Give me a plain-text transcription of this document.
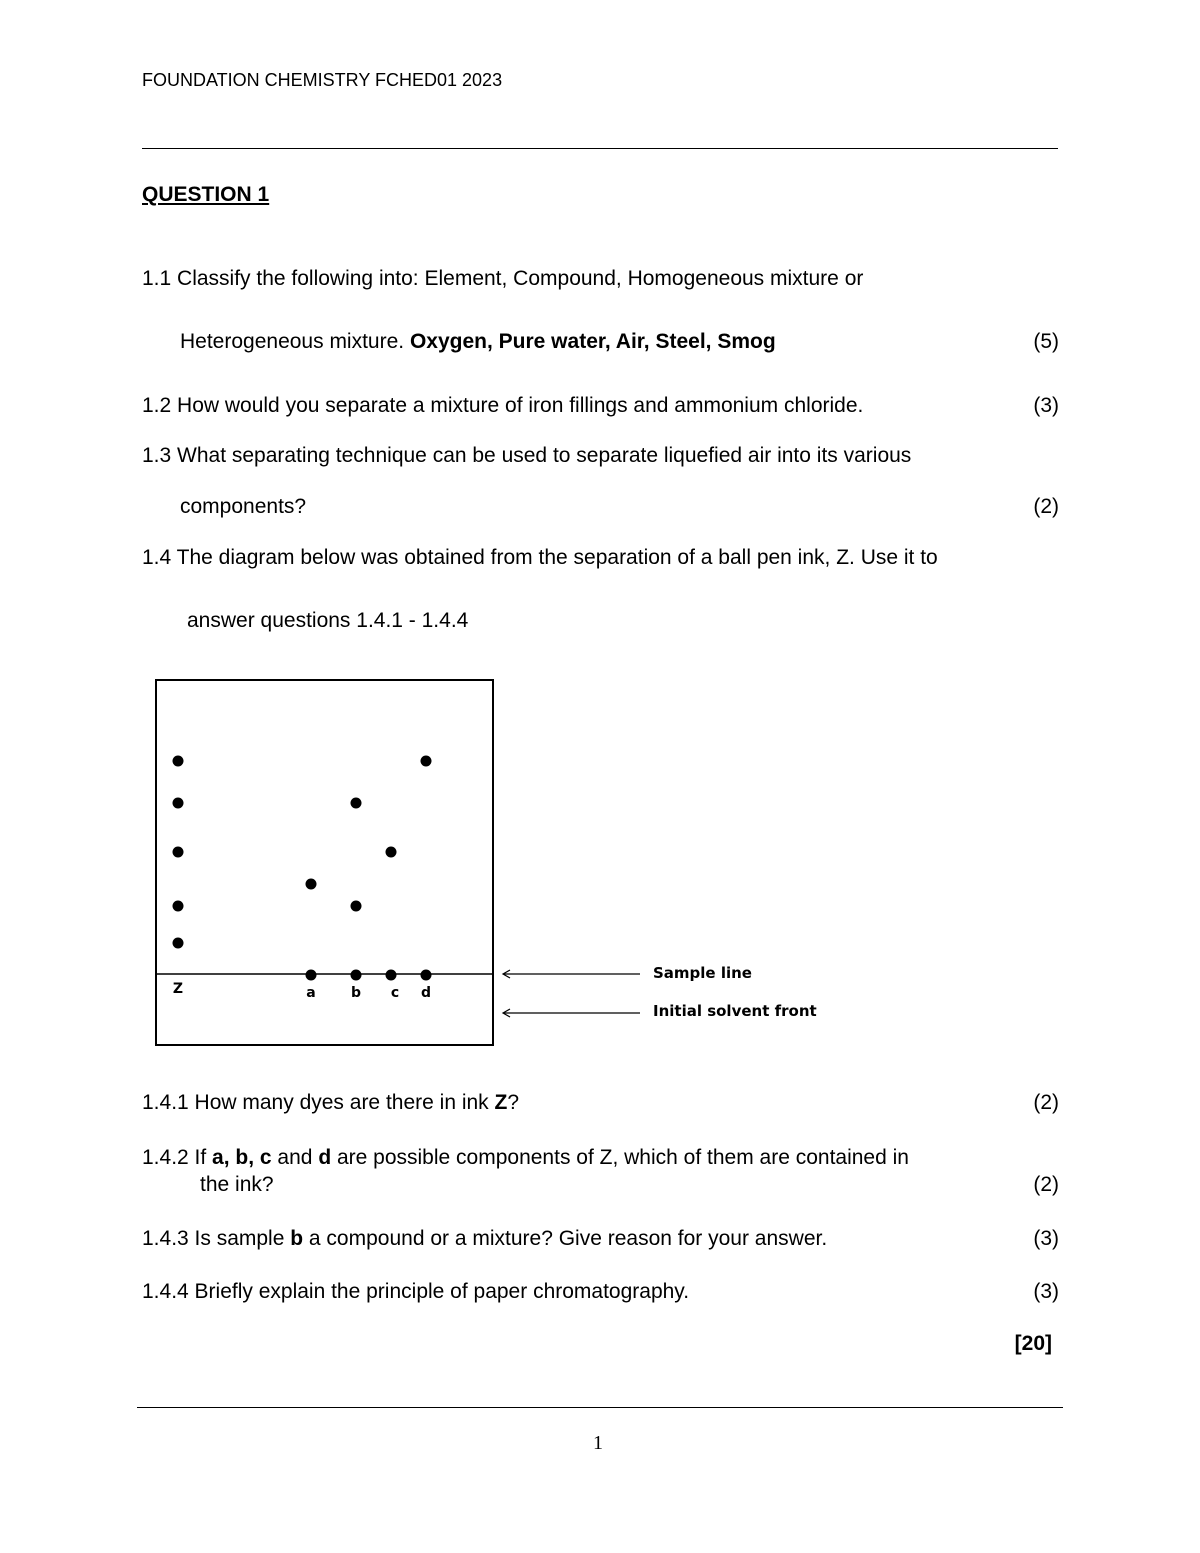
FOUNDATION CHEMISTRY FCHED01 2023
QUESTION 1
1.1 Classify the following into: Element, Compound, Homogeneous mixture or
Heterogeneous mixture. Oxygen, Pure water, Air, Steel, Smog	(5)
1.2 How would you separate a mixture of iron fillings and ammonium chloride.	(3)
1.3 What separating technique can be used to separate liquefied air into its various
components?	(2)
1.4 The diagram below was obtained from the separation of a ball pen ink, Z. Use it to
answer questions 1.4.1 - 1.4.4
Z	a	b c d
Sample line
Initial solvent front
1.4.1 How many dyes are there in ink Z?	(2)
1.4.2 If a, b, c and d are possible components of Z, which of them are contained in
the ink?	(2)
1.4.3 Is sample b a compound or a mixture? Give reason for your answer.	(3)
1.4.4 Briefly explain the principle of paper chromatography.	(3)
[20]
1
